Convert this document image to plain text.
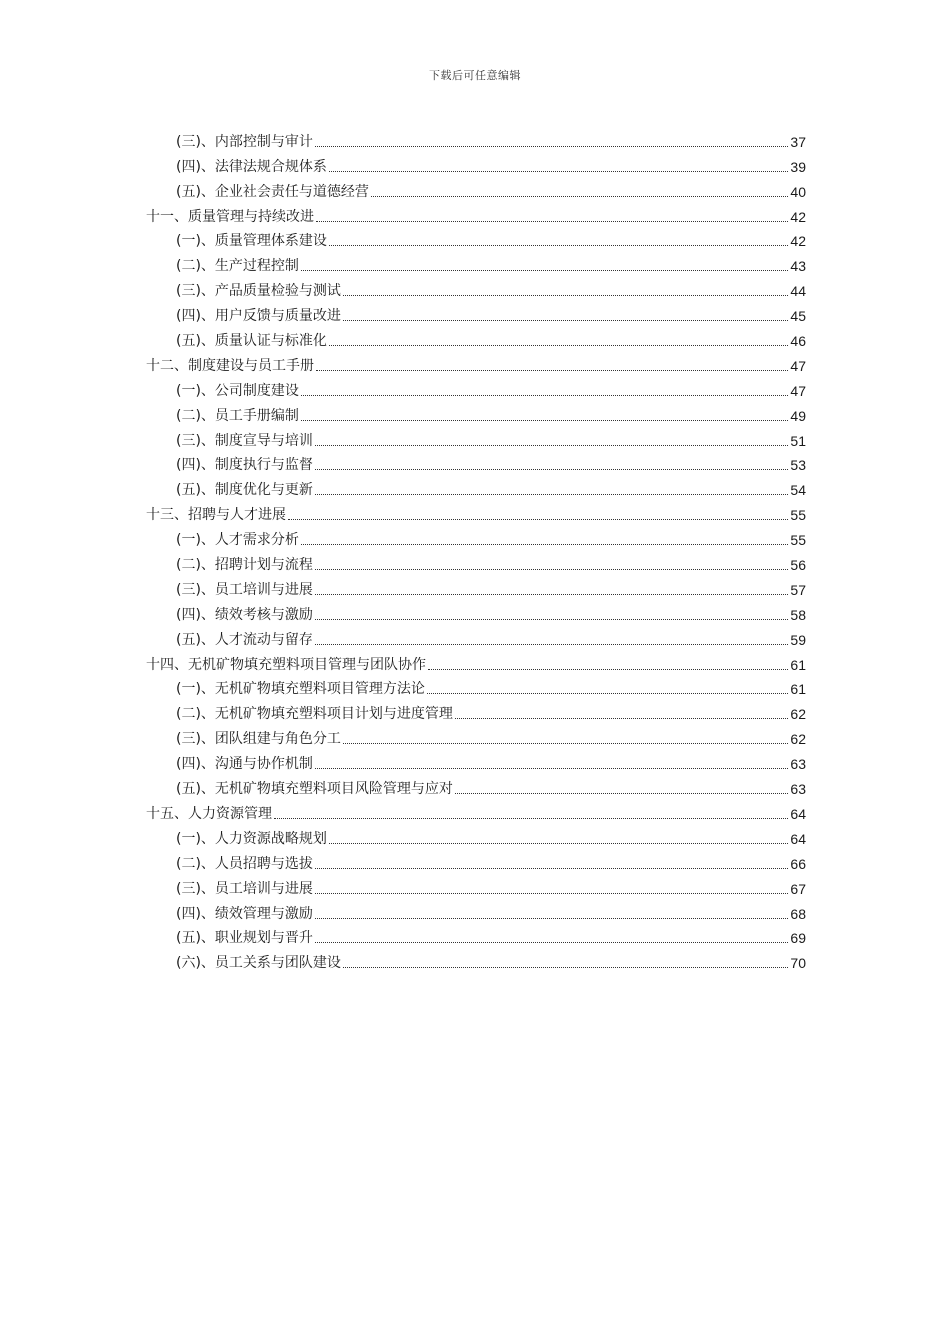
下载后可任意编辑
(三)、内部控制与审计	37
(四)、法律法规合规体系	39
(五)、企业社会责任与道德经营	40
十一、质量管理与持续改进	42
(一)、质量管理体系建设	42
(二)、生产过程控制	43
(三)、产品质量检验与测试	44
(四)、用户反馈与质量改进	45
(五)、质量认证与标准化	46
十二、制度建设与员工手册	47
(一)、公司制度建设	47
(二)、员工手册编制	49
(三)、制度宣导与培训	51
(四)、制度执行与监督	53
(五)、制度优化与更新	54
十三、招聘与人才进展	55
(一)、人才需求分析	55
(二)、招聘计划与流程	56
(三)、员工培训与进展	57
(四)、绩效考核与激励	58
(五)、人才流动与留存	59
十四、无机矿物填充塑料项目管理与团队协作	61
(一)、无机矿物填充塑料项目管理方法论	61
(二)、无机矿物填充塑料项目计划与进度管理	62
(三)、团队组建与角色分工	62
(四)、沟通与协作机制	63
(五)、无机矿物填充塑料项目风险管理与应对	63
十五、人力资源管理	64
(一)、人力资源战略规划	64
(二)、人员招聘与选拔	66
(三)、员工培训与进展	67
(四)、绩效管理与激励	68
(五)、职业规划与晋升	69
(六)、员工关系与团队建设	70
